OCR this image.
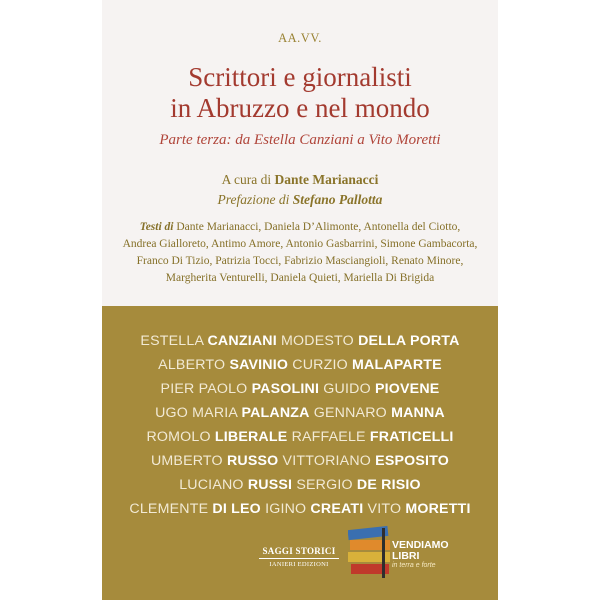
AA.VV.
Scrittori e giornalisti
in Abruzzo e nel mondo
Parte terza: da Estella Canziani a Vito Moretti
A cura di Dante Marianacci
Prefazione di Stefano Pallotta
Testi di Dante Marianacci, Daniela D’Alimonte, Antonella del Ciotto, Andrea Gialloreto, Antimo Amore, Antonio Gasbarrini, Simone Gambacorta, Franco Di Tizio, Patrizia Tocci, Fabrizio Masciangioli, Renato Minore, Margherita Venturelli, Daniela Quieti, Mariella Di Brigida
ESTELLA CANZIANI MODESTO DELLA PORTA
ALBERTO SAVINIO CURZIO MALAPARTE
PIER PAOLO PASOLINI GUIDO PIOVENE
UGO MARIA PALANZA GENNARO MANNA
ROMOLO LIBERALE RAFFAELE FRATICELLI
UMBERTO RUSSO VITTORIANO ESPOSITO
LUCIANO RUSSI SERGIO DE RISIO
CLEMENTE DI LEO IGINO CREATI VITO MORETTI
SAGGI STORICI
IANIERI EDIZIONI
VENDIAMO
LIBRI
in terra e forte
